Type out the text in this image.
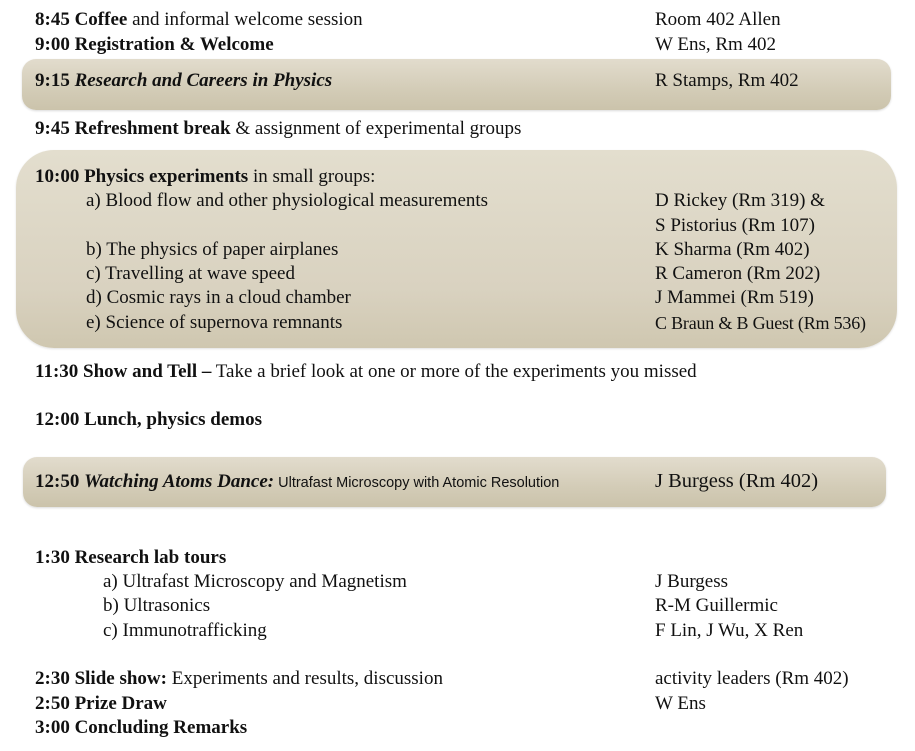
8:45 Coffee and informal welcome session	Room 402 Allen
9:00 Registration & Welcome	W Ens, Rm 402
9:15 Research and Careers in Physics	R Stamps, Rm 402
9:45 Refreshment break & assignment of experimental groups
10:00 Physics experiments in small groups:
a) Blood flow and other physiological measurements	D Rickey (Rm 319) &
S Pistorius (Rm 107)
b) The physics of paper airplanes	K Sharma (Rm 402)
c) Travelling at wave speed	R Cameron (Rm 202)
d) Cosmic rays in a cloud chamber	J Mammei (Rm 519)
e) Science of supernova remnants	C Braun & B Guest (Rm 536)
11:30 Show and Tell – Take a brief look at one or more of the experiments you missed
12:00 Lunch, physics demos
12:50 Watching Atoms Dance: Ultrafast Microscopy with Atomic Resolution	J Burgess (Rm 402)
1:30 Research lab tours
a) Ultrafast Microscopy and Magnetism	J Burgess
b) Ultrasonics	R-M Guillermic
c) Immunotrafficking	F Lin, J Wu, X Ren
2:30 Slide show: Experiments and results, discussion	activity leaders (Rm 402)
2:50 Prize Draw	W Ens
3:00 Concluding Remarks
